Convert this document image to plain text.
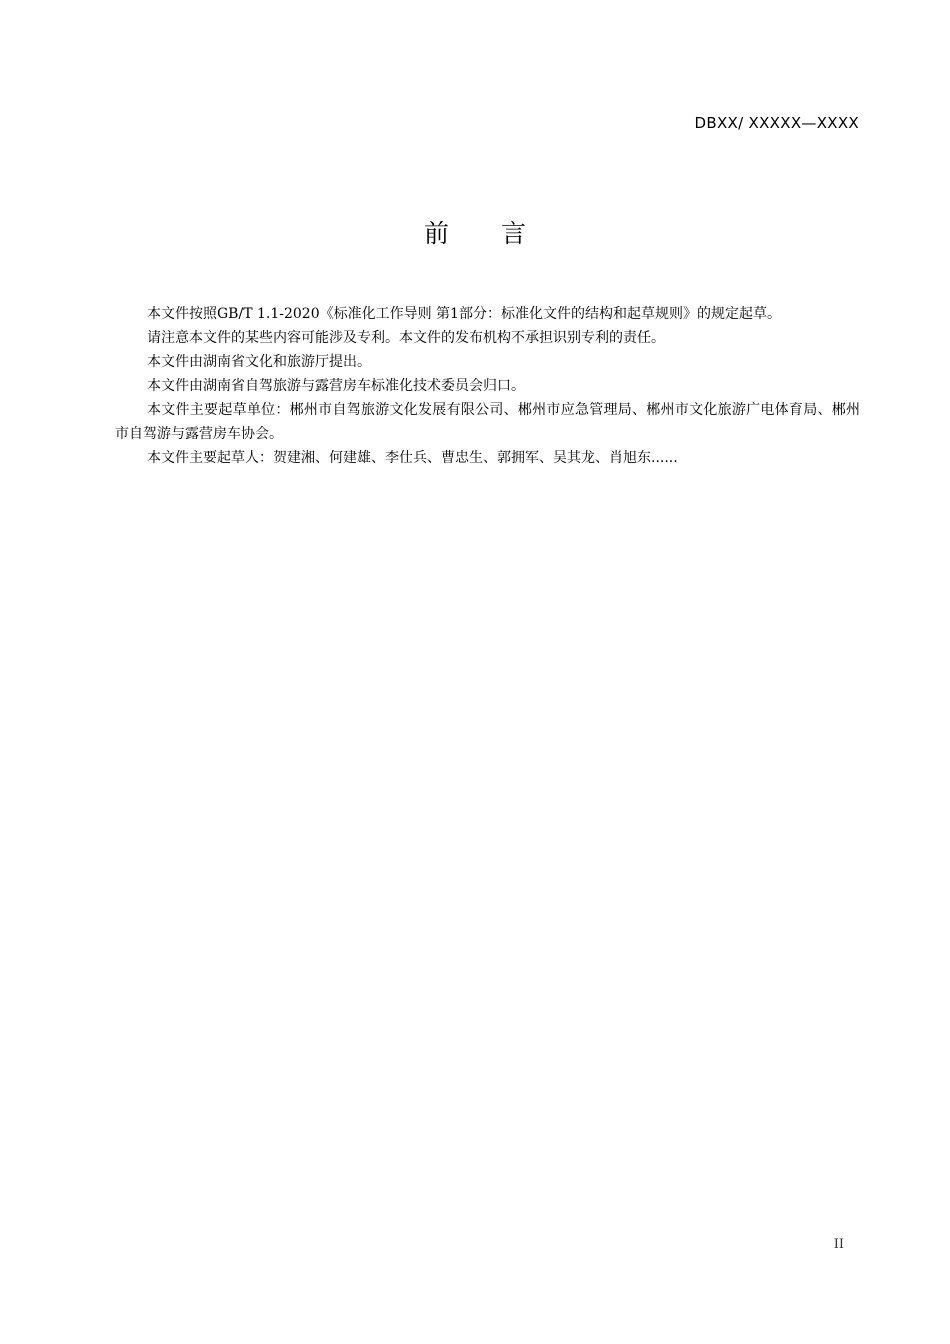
DBXX/ XXXXX—XXXX
前 言

本文件按照GB/T 1.1-2020《标准化工作导则 第1部分：标准化文件的结构和起草规则》的规定起草。

请注意本文件的某些内容可能涉及专利。本文件的发布机构不承担识别专利的责任。

本文件由湖南省文化和旅游厅提出。

本文件由湖南省自驾旅游与露营房车标准化技术委员会归口。

本文件主要起草单位：郴州市自驾旅游文化发展有限公司、郴州市应急管理局、郴州市文化旅游广电体育局、郴州市自驾游与露营房车协会。

本文件主要起草人：贺建湘、何建雄、李仕兵、曹忠生、郭拥军、吴其龙、肖旭东......

II
